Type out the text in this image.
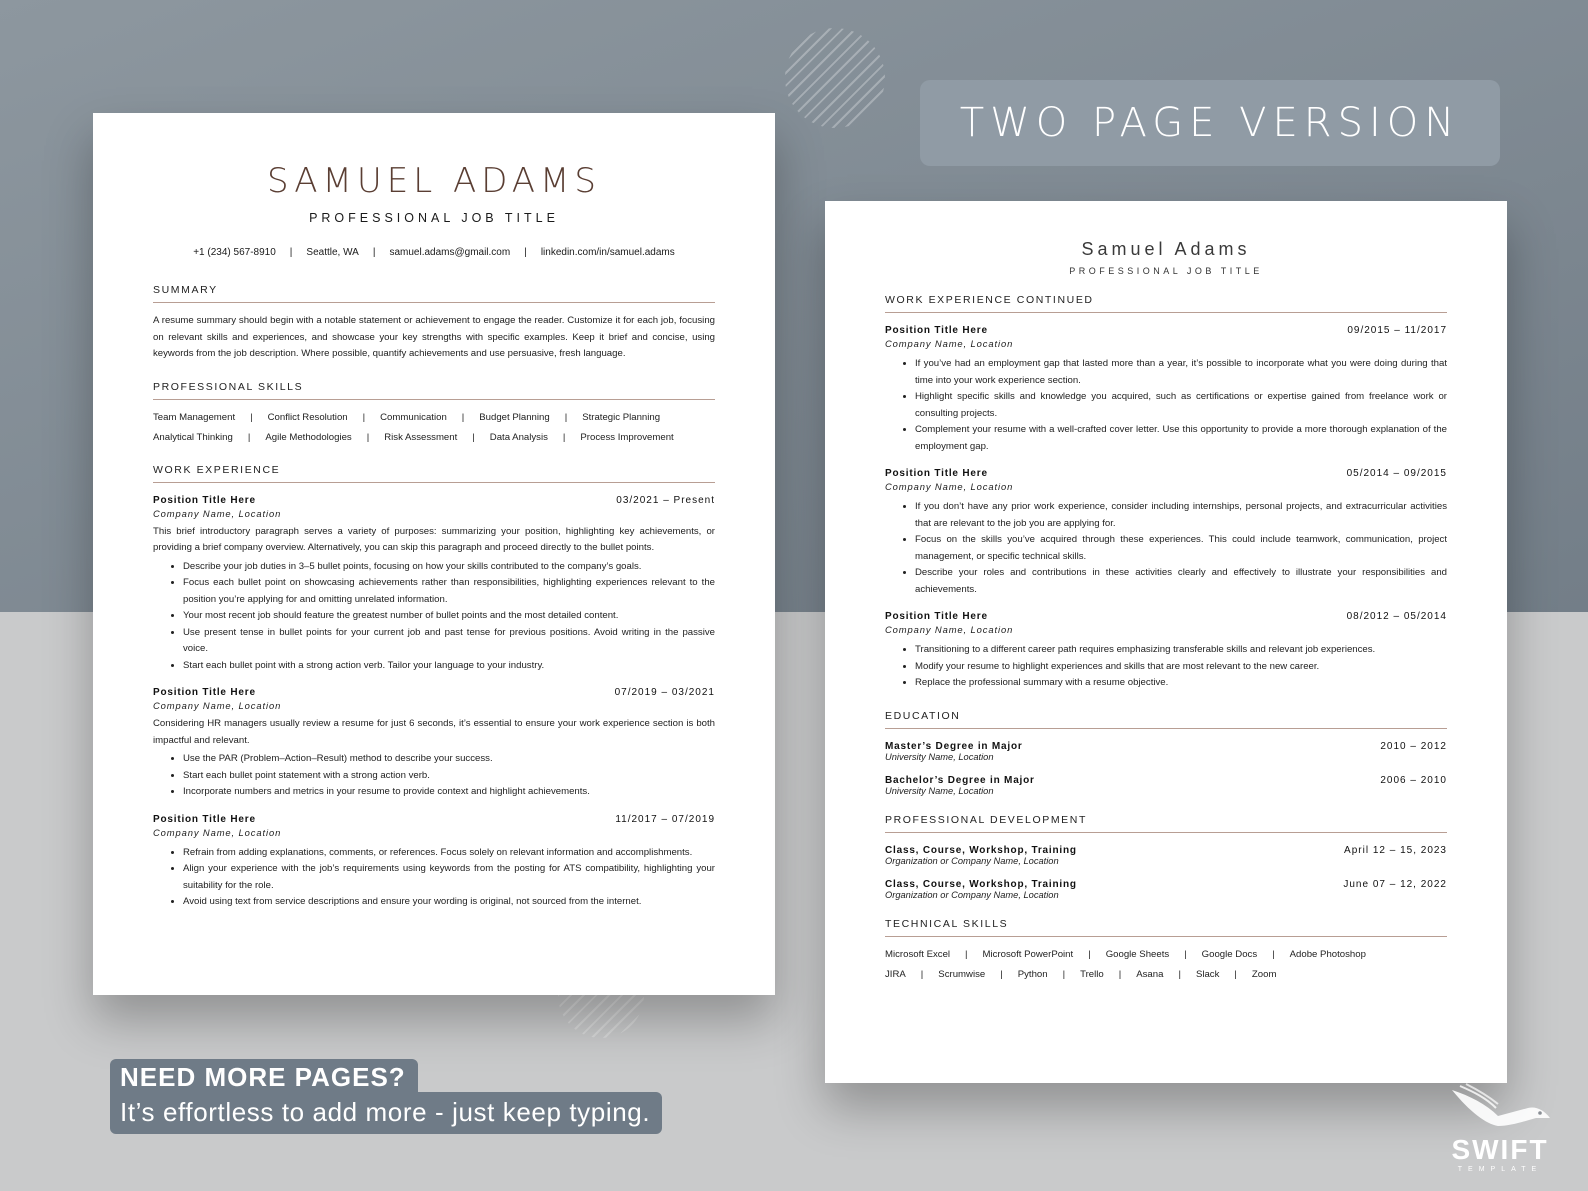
SAMUEL ADAMS
PROFESSIONAL JOB TITLE
+1 (234) 567-8910 | Seattle, WA | samuel.adams@gmail.com | linkedin.com/in/samuel.adams
SUMMARY
A resume summary should begin with a notable statement or achievement to engage the reader. Customize it for each job, focusing on relevant skills and experiences, and showcase your key strengths with specific examples. Keep it brief and concise, using keywords from the job description. Where possible, quantify achievements and use persuasive, fresh language.
PROFESSIONAL SKILLS
Team Management | Conflict Resolution | Communication | Budget Planning | Strategic Planning
Analytical Thinking | Agile Methodologies | Risk Assessment | Data Analysis | Process Improvement
WORK EXPERIENCE
Position Title Here	03/2021 – Present
Company Name, Location
This brief introductory paragraph serves a variety of purposes: summarizing your position, highlighting key achievements, or providing a brief company overview. Alternatively, you can skip this paragraph and proceed directly to the bullet points.
• Describe your job duties in 3–5 bullet points, focusing on how your skills contributed to the company’s goals.
• Focus each bullet point on showcasing achievements rather than responsibilities, highlighting experiences relevant to the position you’re applying for and omitting unrelated information.
• Your most recent job should feature the greatest number of bullet points and the most detailed content.
• Use present tense in bullet points for your current job and past tense for previous positions. Avoid writing in the passive voice.
• Start each bullet point with a strong action verb. Tailor your language to your industry.
Position Title Here	07/2019 – 03/2021
Company Name, Location
Considering HR managers usually review a resume for just 6 seconds, it’s essential to ensure your work experience section is both impactful and relevant.
• Use the PAR (Problem–Action–Result) method to describe your success.
• Start each bullet point statement with a strong action verb.
• Incorporate numbers and metrics in your resume to provide context and highlight achievements.
Position Title Here	11/2017 – 07/2019
Company Name, Location
• Refrain from adding explanations, comments, or references. Focus solely on relevant information and accomplishments.
• Align your experience with the job’s requirements using keywords from the posting for ATS compatibility, highlighting your suitability for the role.
• Avoid using text from service descriptions and ensure your wording is original, not sourced from the internet.
Samuel Adams
PROFESSIONAL JOB TITLE
WORK EXPERIENCE CONTINUED
Position Title Here	09/2015 – 11/2017
Company Name, Location
• If you’ve had an employment gap that lasted more than a year, it’s possible to incorporate what you were doing during that time into your work experience section.
• Highlight specific skills and knowledge you acquired, such as certifications or expertise gained from freelance work or consulting projects.
• Complement your resume with a well-crafted cover letter. Use this opportunity to provide a more thorough explanation of the employment gap.
Position Title Here	05/2014 – 09/2015
Company Name, Location
• If you don’t have any prior work experience, consider including internships, personal projects, and extracurricular activities that are relevant to the job you are applying for.
• Focus on the skills you’ve acquired through these experiences. This could include teamwork, communication, project management, or specific technical skills.
• Describe your roles and contributions in these activities clearly and effectively to illustrate your responsibilities and achievements.
Position Title Here	08/2012 – 05/2014
Company Name, Location
• Transitioning to a different career path requires emphasizing transferable skills and relevant job experiences.
• Modify your resume to highlight experiences and skills that are most relevant to the new career.
• Replace the professional summary with a resume objective.
EDUCATION
Master’s Degree in Major	2010 – 2012
University Name, Location
Bachelor’s Degree in Major	2006 – 2010
University Name, Location
PROFESSIONAL DEVELOPMENT
Class, Course, Workshop, Training	April 12 – 15, 2023
Organization or Company Name, Location
Class, Course, Workshop, Training	June 07 – 12, 2022
Organization or Company Name, Location
TECHNICAL SKILLS
Microsoft Excel | Microsoft PowerPoint | Google Sheets | Google Docs | Adobe Photoshop
JIRA | Scrumwise | Python | Trello | Asana | Slack | Zoom
TWO PAGE VERSION
NEED MORE PAGES?
It’s effortless to add more - just keep typing.
SWIFT
TEMPLATE
